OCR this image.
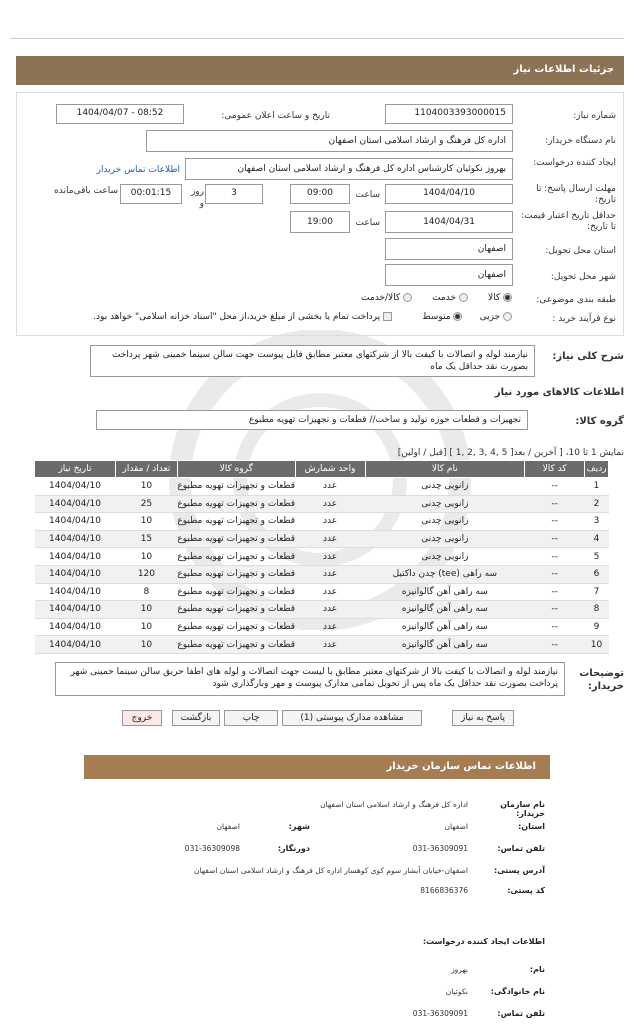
جزئیات اطلاعات نیاز
شماره نیاز:
1104003393000015
تاریخ و ساعت اعلان عمومی:
1404/04/07 - 08:52
نام دستگاه خریدار:
اداره کل فرهنگ و ارشاد اسلامی استان اصفهان
ایجاد کننده درخواست:
بهروز نکوئیان کارشناس اداره کل فرهنگ و ارشاد اسلامی استان اصفهان
اطلاعات تماس خریدار
مهلت ارسال پاسخ: تا تاریخ:
1404/04/10
ساعت
09:00
3
روز و
00:01:15
ساعت باقی‌مانده
حداقل تاریخ اعتبار قیمت: تا تاریخ:
1404/04/31
ساعت
19:00
استان محل تحویل:
اصفهان
شهر محل تحویل:
اصفهان
طبقه بندی موضوعی:
کالا        خدمت        کالا/خدمت
نوع فرآیند خرید :
جزیی       متوسط
پرداخت تمام یا بخشی از مبلغ خرید،از محل "اسناد خزانه اسلامی" خواهد بود.
شرح کلی نیاز:
نیازمند لوله و اتصالات با کیفت بالا از شرکتهای معتبر مطابق فایل پیوست جهت سالن سینما خمینی شهر پرداخت بصورت نقد حداقل یک ماه
اطلاعات کالاهای مورد نیاز
گروه کالا:
تجهیزات و قطعات حوزه تولید و ساخت// قطعات و تجهیزات تهویه مطبوع
نمایش 1 تا 10، [ آخرین / بعد[ 5 ,4 ,3 ,2 ,1 ] [قبل / اولین]
ردیف	کد کالا	نام کالا	واحد شمارش	گروه کالا	تعداد / مقدار	تاریخ نیاز
1	--	زانویی چدنی	عدد	قطعات و تجهیزات تهویه مطبوع	10	1404/04/10
2	--	زانویی چدنی	عدد	قطعات و تجهیزات تهویه مطبوع	25	1404/04/10
3	--	زانویی چدنی	عدد	قطعات و تجهیزات تهویه مطبوع	10	1404/04/10
4	--	زانویی چدنی	عدد	قطعات و تجهیزات تهویه مطبوع	15	1404/04/10
5	--	زانویی چدنی	عدد	قطعات و تجهیزات تهویه مطبوع	10	1404/04/10
6	--	سه راهی (tee) چدن داکتیل	عدد	قطعات و تجهیزات تهویه مطبوع	120	1404/04/10
7	--	سه راهی آهن گالوانیزه	عدد	قطعات و تجهیزات تهویه مطبوع	8	1404/04/10
8	--	سه راهی آهن گالوانیزه	عدد	قطعات و تجهیزات تهویه مطبوع	10	1404/04/10
9	--	سه راهی آهن گالوانیزه	عدد	قطعات و تجهیزات تهویه مطبوع	10	1404/04/10
10	--	سه راهی آهن گالوانیزه	عدد	قطعات و تجهیزات تهویه مطبوع	10	1404/04/10
توضیحات خریدار:
نیازمند لوله و اتصالات با کیفت بالا از شرکتهای معتبر مطابق با لیست جهت اتصالات و لوله های اطفا حریق سالن سینما خمینی شهر پرداخت بصورت نقد حداقل یک ماه پس از تحویل تمامی مدارک پیوست و مهر وبارگذاری شود
پاسخ به نیاز
مشاهده مدارک پیوستی (1)
چاپ
بازگشت
خروج
اطلاعات تماس سازمان خریدار
نام سازمان خریدار:
اداره کل فرهنگ و ارشاد اسلامی استان اصفهان
استان:
اصفهان
شهر:
اصفهان
تلفن تماس:
031-36309091
دورنگار:
031-36309098
آدرس پستی:
اصفهان-خیابان آبشار سوم کوی کوهسار اداره کل فرهنگ و ارشاد اسلامی استان اصفهان
کد پستی:
8166836376
اطلاعات ایجاد کننده درخواست:
نام:
بهروز
نام خانوادگی:
نکوئیان
تلفن تماس:
031-36309091
